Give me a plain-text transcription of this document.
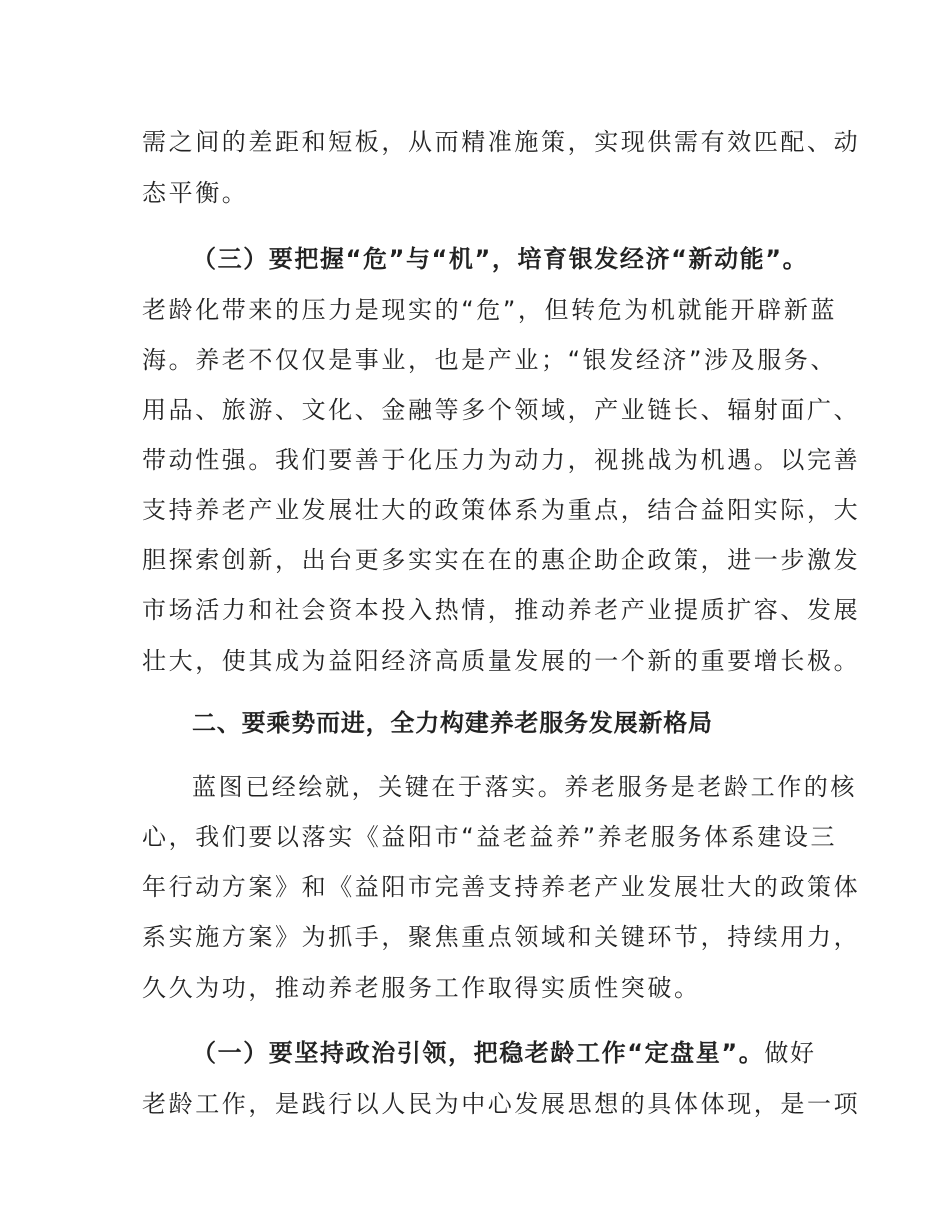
需之间的差距和短板，从而精准施策，实现供需有效匹配、动
态平衡。
（三）要把握“危”与“机”，培育银发经济“新动能”。
老龄化带来的压力是现实的“危”，但转危为机就能开辟新蓝
海。养老不仅仅是事业，也是产业；“银发经济”涉及服务、
用品、旅游、文化、金融等多个领域，产业链长、辐射面广、
带动性强。我们要善于化压力为动力，视挑战为机遇。以完善
支持养老产业发展壮大的政策体系为重点，结合益阳实际，大
胆探索创新，出台更多实实在在的惠企助企政策，进一步激发
市场活力和社会资本投入热情，推动养老产业提质扩容、发展
壮大，使其成为益阳经济高质量发展的一个新的重要增长极。
二、要乘势而进，全力构建养老服务发展新格局
蓝图已经绘就，关键在于落实。养老服务是老龄工作的核
心，我们要以落实《益阳市“益老益养”养老服务体系建设三
年行动方案》和《益阳市完善支持养老产业发展壮大的政策体
系实施方案》为抓手，聚焦重点领域和关键环节，持续用力，
久久为功，推动养老服务工作取得实质性突破。
（一）要坚持政治引领，把稳老龄工作“定盘星”。做好
老龄工作，是践行以人民为中心发展思想的具体体现，是一项
